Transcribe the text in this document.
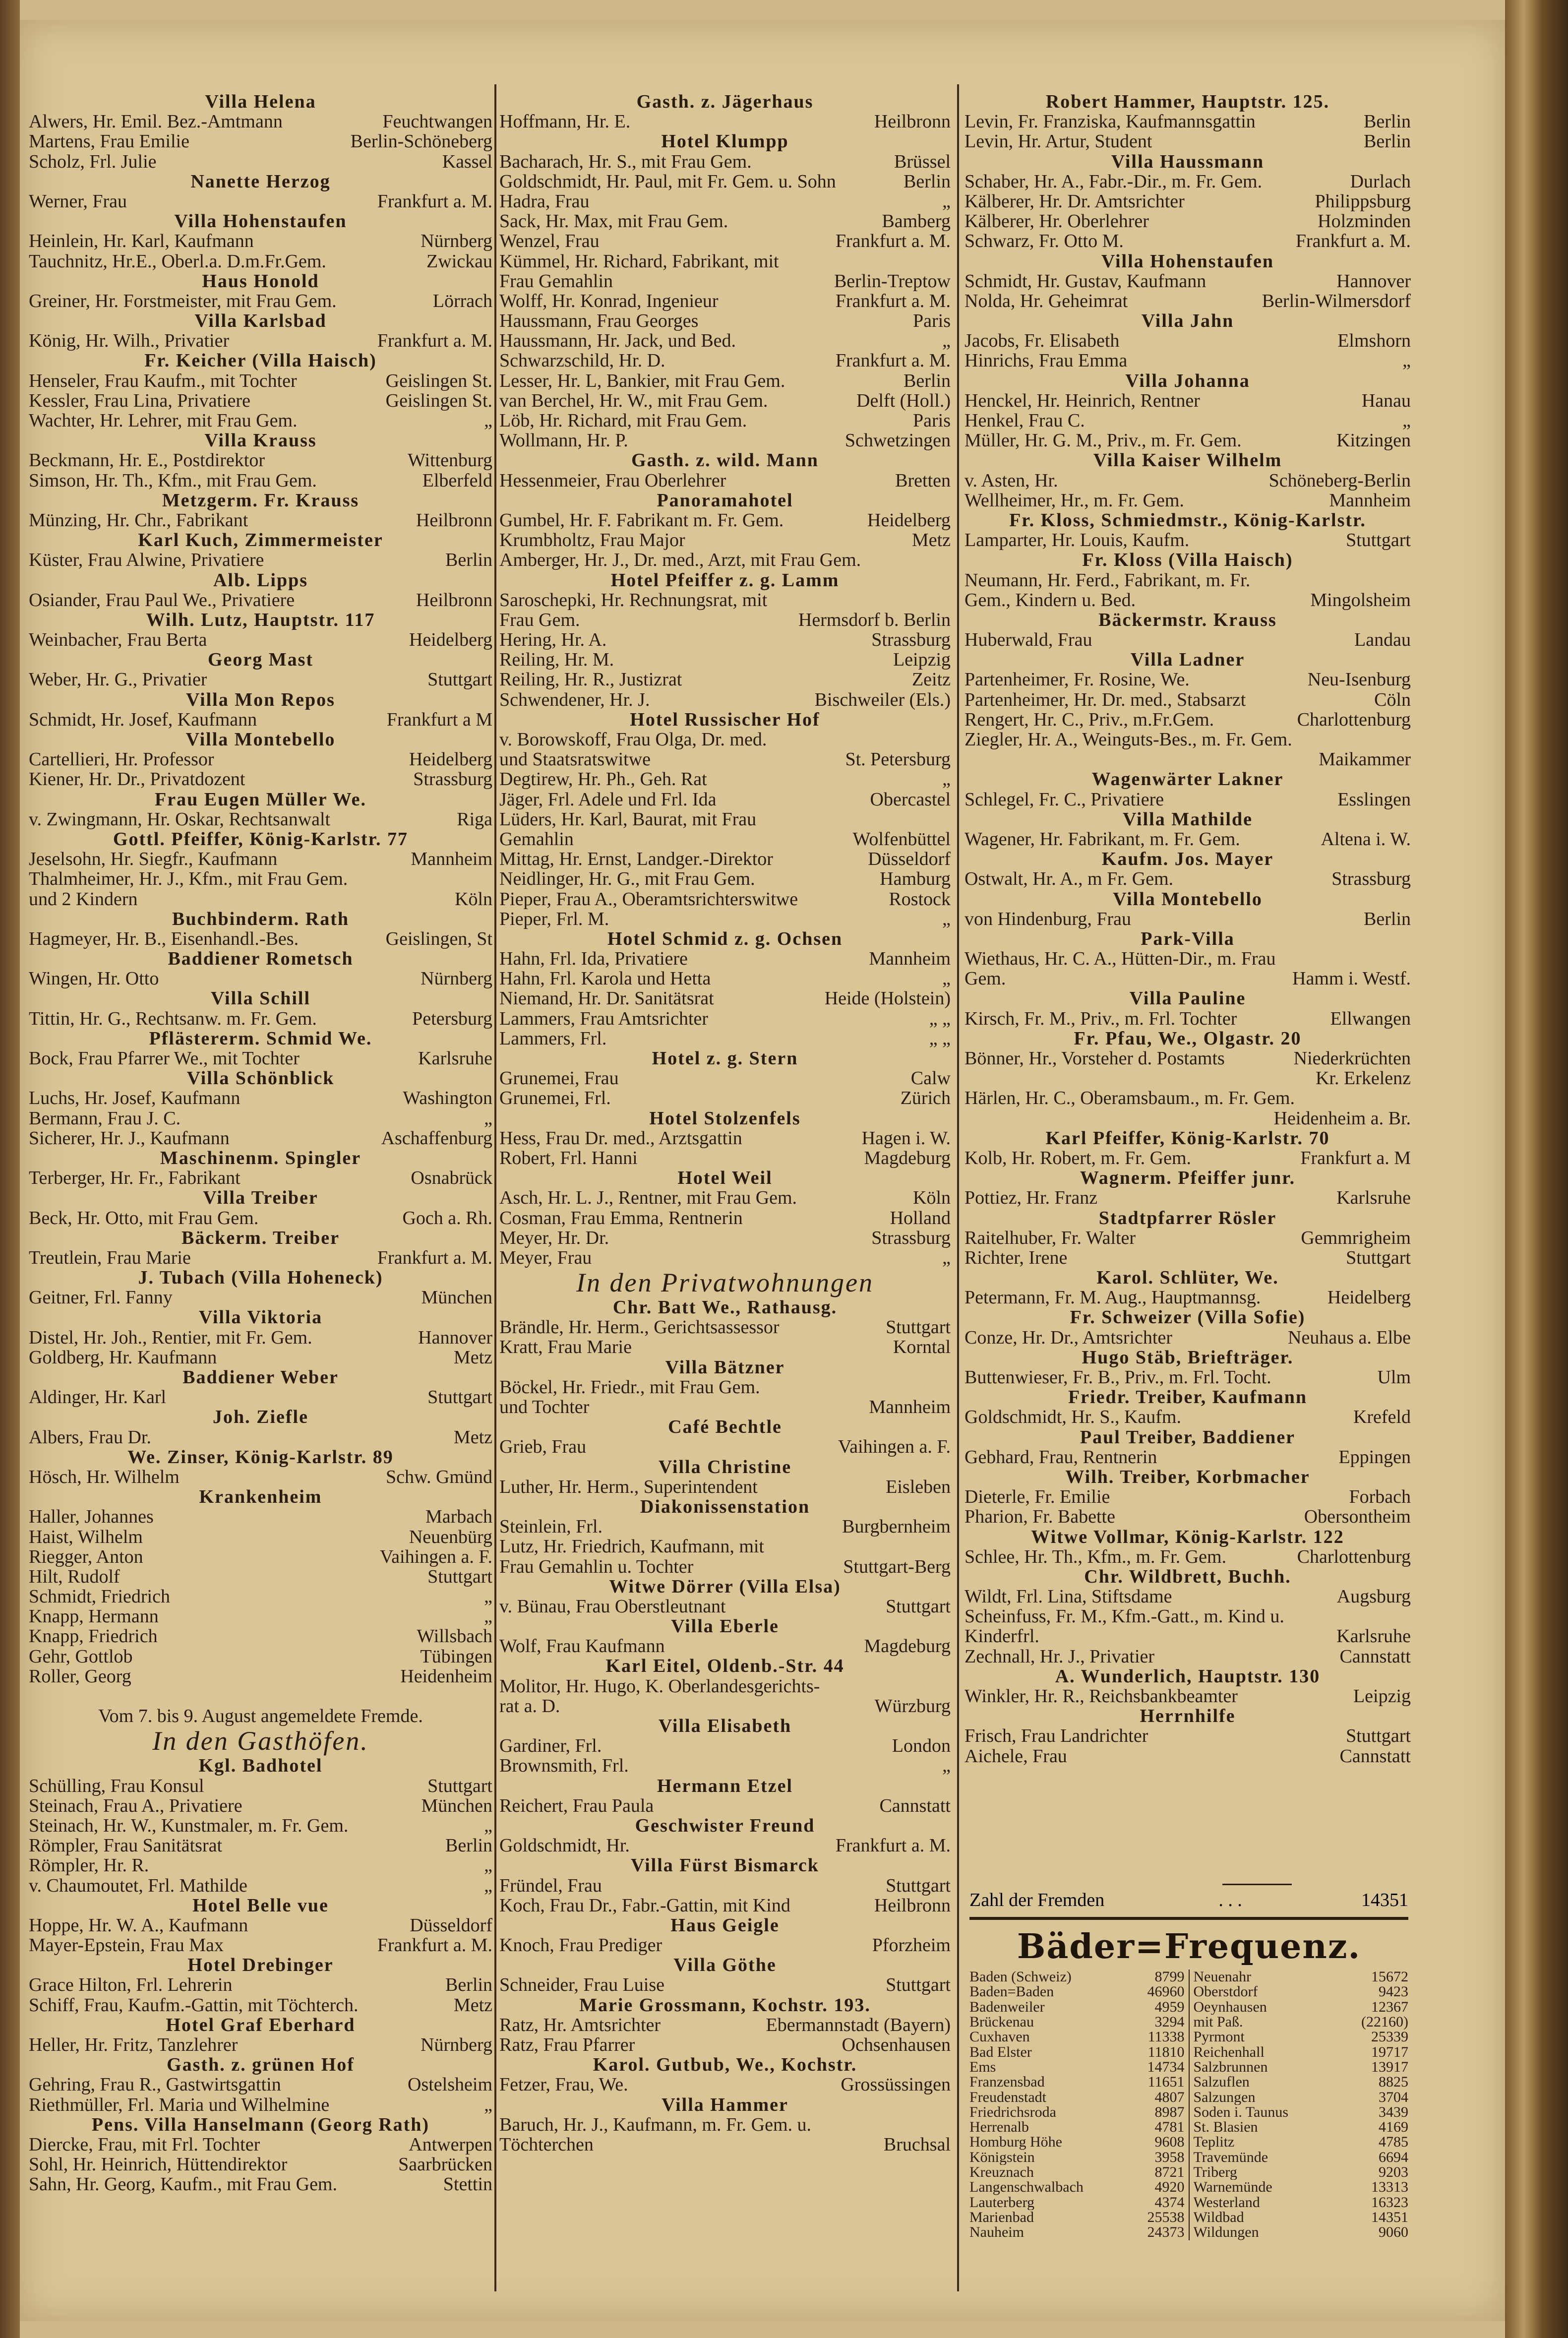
Villa Helena
Alwers, Hr. Emil. Bez.-Amtmann	Feuchtwangen
Martens, Frau Emilie	Berlin-Schöneberg
Scholz, Frl. Julie	Kassel
Nanette Herzog
Werner, Frau	Frankfurt a. M.
Villa Hohenstaufen
Heinlein, Hr. Karl, Kaufmann	Nürnberg
Tauchnitz, Hr.E., Oberl.a. D.m.Fr.Gem.	Zwickau
Haus Honold
Greiner, Hr. Forstmeister, mit Frau Gem.	Lörrach
Villa Karlsbad
König, Hr. Wilh., Privatier	Frankfurt a. M.
Fr. Keicher (Villa Haisch)
Henseler, Frau Kaufm., mit Tochter	Geislingen St.
Kessler, Frau Lina, Privatiere	Geislingen St.
Wachter, Hr. Lehrer, mit Frau Gem.	„
Villa Krauss
Beckmann, Hr. E., Postdirektor	Wittenburg
Simson, Hr. Th., Kfm., mit Frau Gem.	Elberfeld
Metzgerm. Fr. Krauss
Münzing, Hr. Chr., Fabrikant	Heilbronn
Karl Kuch, Zimmermeister
Küster, Frau Alwine, Privatiere	Berlin
Alb. Lipps
Osiander, Frau Paul We., Privatiere	Heilbronn
Wilh. Lutz, Hauptstr. 117
Weinbacher, Frau Berta	Heidelberg
Georg Mast
Weber, Hr. G., Privatier	Stuttgart
Villa Mon Repos
Schmidt, Hr. Josef, Kaufmann	Frankfurt a M
Villa Montebello
Cartellieri, Hr. Professor	Heidelberg
Kiener, Hr. Dr., Privatdozent	Strassburg
Frau Eugen Müller We.
v. Zwingmann, Hr. Oskar, Rechtsanwalt	Riga
Gottl. Pfeiffer, König-Karlstr. 77
Jeselsohn, Hr. Siegfr., Kaufmann	Mannheim
Thalmheimer, Hr. J., Kfm., mit Frau Gem.
und 2 Kindern	Köln
Buchbinderm. Rath
Hagmeyer, Hr. B., Eisenhandl.-Bes.	Geislingen, St
Baddiener Rometsch
Wingen, Hr. Otto	Nürnberg
Villa Schill
Tittin, Hr. G., Rechtsanw. m. Fr. Gem.	Petersburg
Pflästererm. Schmid We.
Bock, Frau Pfarrer We., mit Tochter	Karlsruhe
Villa Schönblick
Luchs, Hr. Josef, Kaufmann	Washington
Bermann, Frau J. C.	„
Sicherer, Hr. J., Kaufmann	Aschaffenburg
Maschinenm. Spingler
Terberger, Hr. Fr., Fabrikant	Osnabrück
Villa Treiber
Beck, Hr. Otto, mit Frau Gem.	Goch a. Rh.
Bäckerm. Treiber
Treutlein, Frau Marie	Frankfurt a. M.
J. Tubach (Villa Hoheneck)
Geitner, Frl. Fanny	München
Villa Viktoria
Distel, Hr. Joh., Rentier, mit Fr. Gem.	Hannover
Goldberg, Hr. Kaufmann	Metz
Baddiener Weber
Aldinger, Hr. Karl	Stuttgart
Joh. Ziefle
Albers, Frau Dr.	Metz
We. Zinser, König-Karlstr. 89
Hösch, Hr. Wilhelm	Schw. Gmünd
Krankenheim
Haller, Johannes	Marbach
Haist, Wilhelm	Neuenbürg
Riegger, Anton	Vaihingen a. F.
Hilt, Rudolf	Stuttgart
Schmidt, Friedrich	„
Knapp, Hermann	„
Knapp, Friedrich	Willsbach
Gehr, Gottlob	Tübingen
Roller, Georg	Heidenheim
Vom 7. bis 9. August angemeldete Fremde.
In den Gasthöfen.
Kgl. Badhotel
Schülling, Frau Konsul	Stuttgart
Steinach, Frau A., Privatiere	München
Steinach, Hr. W., Kunstmaler, m. Fr. Gem.	„
Römpler, Frau Sanitätsrat	Berlin
Römpler, Hr. R.	„
v. Chaumoutet, Frl. Mathilde	„
Hotel Belle vue
Hoppe, Hr. W. A., Kaufmann	Düsseldorf
Mayer-Epstein, Frau Max	Frankfurt a. M.
Hotel Drebinger
Grace Hilton, Frl. Lehrerin	Berlin
Schiff, Frau, Kaufm.-Gattin, mit Töchterch.	Metz
Hotel Graf Eberhard
Heller, Hr. Fritz, Tanzlehrer	Nürnberg
Gasth. z. grünen Hof
Gehring, Frau R., Gastwirtsgattin	Ostelsheim
Riethmüller, Frl. Maria und Wilhelmine	„
Pens. Villa Hanselmann (Georg Rath)
Diercke, Frau, mit Frl. Tochter	Antwerpen
Sohl, Hr. Heinrich, Hüttendirektor	Saarbrücken
Sahn, Hr. Georg, Kaufm., mit Frau Gem.	Stettin
Gasth. z. Jägerhaus
Hoffmann, Hr. E.	Heilbronn
Hotel Klumpp
Bacharach, Hr. S., mit Frau Gem.	Brüssel
Goldschmidt, Hr. Paul, mit Fr. Gem. u. Sohn	Berlin
Hadra, Frau	„
Sack, Hr. Max, mit Frau Gem.	Bamberg
Wenzel, Frau	Frankfurt a. M.
Kümmel, Hr. Richard, Fabrikant, mit
Frau Gemahlin	Berlin-Treptow
Wolff, Hr. Konrad, Ingenieur	Frankfurt a. M.
Haussmann, Frau Georges	Paris
Haussmann, Hr. Jack, und Bed.	„
Schwarzschild, Hr. D.	Frankfurt a. M.
Lesser, Hr. L, Bankier, mit Frau Gem.	Berlin
van Berchel, Hr. W., mit Frau Gem.	Delft (Holl.)
Löb, Hr. Richard, mit Frau Gem.	Paris
Wollmann, Hr. P.	Schwetzingen
Gasth. z. wild. Mann
Hessenmeier, Frau Oberlehrer	Bretten
Panoramahotel
Gumbel, Hr. F. Fabrikant m. Fr. Gem.	Heidelberg
Krumbholtz, Frau Major	Metz
Amberger, Hr. J., Dr. med., Arzt, mit Frau Gem.
Hotel Pfeiffer z. g. Lamm
Saroschepki, Hr. Rechnungsrat, mit
Frau Gem.	Hermsdorf b. Berlin
Hering, Hr. A.	Strassburg
Reiling, Hr. M.	Leipzig
Reiling, Hr. R., Justizrat	Zeitz
Schwendener, Hr. J.	Bischweiler (Els.)
Hotel Russischer Hof
v. Borowskoff, Frau Olga, Dr. med.
und Staatsratswitwe	St. Petersburg
Degtirew, Hr. Ph., Geh. Rat	„
Jäger, Frl. Adele und Frl. Ida	Obercastel
Lüders, Hr. Karl, Baurat, mit Frau
Gemahlin	Wolfenbüttel
Mittag, Hr. Ernst, Landger.-Direktor	Düsseldorf
Neidlinger, Hr. G., mit Frau Gem.	Hamburg
Pieper, Frau A., Oberamtsrichterswitwe	Rostock
Pieper, Frl. M.	„
Hotel Schmid z. g. Ochsen
Hahn, Frl. Ida, Privatiere	Mannheim
Hahn, Frl. Karola und Hetta	„
Niemand, Hr. Dr. Sanitätsrat	Heide (Holstein)
Lammers, Frau Amtsrichter	„ „
Lammers, Frl.	„ „
Hotel z. g. Stern
Grunemei, Frau	Calw
Grunemei, Frl.	Zürich
Hotel Stolzenfels
Hess, Frau Dr. med., Arztsgattin	Hagen i. W.
Robert, Frl. Hanni	Magdeburg
Hotel Weil
Asch, Hr. L. J., Rentner, mit Frau Gem.	Köln
Cosman, Frau Emma, Rentnerin	Holland
Meyer, Hr. Dr.	Strassburg
Meyer, Frau	„
In den Privatwohnungen
Chr. Batt We., Rathausg.
Brändle, Hr. Herm., Gerichtsassessor	Stuttgart
Kratt, Frau Marie	Korntal
Villa Bätzner
Böckel, Hr. Friedr., mit Frau Gem.
und Tochter	Mannheim
Café Bechtle
Grieb, Frau	Vaihingen a. F.
Villa Christine
Luther, Hr. Herm., Superintendent	Eisleben
Diakonissenstation
Steinlein, Frl.	Burgbernheim
Lutz, Hr. Friedrich, Kaufmann, mit
Frau Gemahlin u. Tochter	Stuttgart-Berg
Witwe Dörrer (Villa Elsa)
v. Bünau, Frau Oberstleutnant	Stuttgart
Villa Eberle
Wolf, Frau Kaufmann	Magdeburg
Karl Eitel, Oldenb.-Str. 44
Molitor, Hr. Hugo, K. Oberlandesgerichts-
rat a. D.	Würzburg
Villa Elisabeth
Gardiner, Frl.	London
Brownsmith, Frl.	„
Hermann Etzel
Reichert, Frau Paula	Cannstatt
Geschwister Freund
Goldschmidt, Hr.	Frankfurt a. M.
Villa Fürst Bismarck
Fründel, Frau	Stuttgart
Koch, Frau Dr., Fabr.-Gattin, mit Kind	Heilbronn
Haus Geigle
Knoch, Frau Prediger	Pforzheim
Villa Göthe
Schneider, Frau Luise	Stuttgart
Marie Grossmann, Kochstr. 193.
Ratz, Hr. Amtsrichter	Ebermannstadt (Bayern)
Ratz, Frau Pfarrer	Ochsenhausen
Karol. Gutbub, We., Kochstr.
Fetzer, Frau, We.	Grossüssingen
Villa Hammer
Baruch, Hr. J., Kaufmann, m. Fr. Gem. u.
Töchterchen	Bruchsal
Robert Hammer, Hauptstr. 125.
Levin, Fr. Franziska, Kaufmannsgattin	Berlin
Levin, Hr. Artur, Student	Berlin
Villa Haussmann
Schaber, Hr. A., Fabr.-Dir., m. Fr. Gem.	Durlach
Kälberer, Hr. Dr. Amtsrichter	Philippsburg
Kälberer, Hr. Oberlehrer	Holzminden
Schwarz, Fr. Otto M.	Frankfurt a. M.
Villa Hohenstaufen
Schmidt, Hr. Gustav, Kaufmann	Hannover
Nolda, Hr. Geheimrat	Berlin-Wilmersdorf
Villa Jahn
Jacobs, Fr. Elisabeth	Elmshorn
Hinrichs, Frau Emma	„
Villa Johanna
Henckel, Hr. Heinrich, Rentner	Hanau
Henkel, Frau C.	„
Müller, Hr. G. M., Priv., m. Fr. Gem.	Kitzingen
Villa Kaiser Wilhelm
v. Asten, Hr.	Schöneberg-Berlin
Wellheimer, Hr., m. Fr. Gem.	Mannheim
Fr. Kloss, Schmiedmstr., König-Karlstr.
Lamparter, Hr. Louis, Kaufm.	Stuttgart
Fr. Kloss (Villa Haisch)
Neumann, Hr. Ferd., Fabrikant, m. Fr.
Gem., Kindern u. Bed.	Mingolsheim
Bäckermstr. Krauss
Huberwald, Frau	Landau
Villa Ladner
Partenheimer, Fr. Rosine, We.	Neu-Isenburg
Partenheimer, Hr. Dr. med., Stabsarzt	Cöln
Rengert, Hr. C., Priv., m.Fr.Gem.	Charlottenburg
Ziegler, Hr. A., Weinguts-Bes., m. Fr. Gem.
Maikammer
Wagenwärter Lakner
Schlegel, Fr. C., Privatiere	Esslingen
Villa Mathilde
Wagener, Hr. Fabrikant, m. Fr. Gem.	Altena i. W.
Kaufm. Jos. Mayer
Ostwalt, Hr. A., m Fr. Gem.	Strassburg
Villa Montebello
von Hindenburg, Frau	Berlin
Park-Villa
Wiethaus, Hr. C. A., Hütten-Dir., m. Frau
Gem.	Hamm i. Westf.
Villa Pauline
Kirsch, Fr. M., Priv., m. Frl. Tochter	Ellwangen
Fr. Pfau, We., Olgastr. 20
Bönner, Hr., Vorsteher d. Postamts	Niederkrüchten
Kr. Erkelenz
Härlen, Hr. C., Oberamsbaum., m. Fr. Gem.
Heidenheim a. Br.
Karl Pfeiffer, König-Karlstr. 70
Kolb, Hr. Robert, m. Fr. Gem.	Frankfurt a. M
Wagnerm. Pfeiffer junr.
Pottiez, Hr. Franz	Karlsruhe
Stadtpfarrer Rösler
Raitelhuber, Fr. Walter	Gemmrigheim
Richter, Irene	Stuttgart
Karol. Schlüter, We.
Petermann, Fr. M. Aug., Hauptmannsg.	Heidelberg
Fr. Schweizer (Villa Sofie)
Conze, Hr. Dr., Amtsrichter	Neuhaus a. Elbe
Hugo Stäb, Briefträger.
Buttenwieser, Fr. B., Priv., m. Frl. Tocht.	Ulm
Friedr. Treiber, Kaufmann
Goldschmidt, Hr. S., Kaufm.	Krefeld
Paul Treiber, Baddiener
Gebhard, Frau, Rentnerin	Eppingen
Wilh. Treiber, Korbmacher
Dieterle, Fr. Emilie	Forbach
Pharion, Fr. Babette	Obersontheim
Witwe Vollmar, König-Karlstr. 122
Schlee, Hr. Th., Kfm., m. Fr. Gem.	Charlottenburg
Chr. Wildbrett, Buchh.
Wildt, Frl. Lina, Stiftsdame	Augsburg
Scheinfuss, Fr. M., Kfm.-Gatt., m. Kind u.
Kinderfrl.	Karlsruhe
Zechnall, Hr. J., Privatier	Cannstatt
A. Wunderlich, Hauptstr. 130
Winkler, Hr. R., Reichsbankbeamter	Leipzig
Herrnhilfe
Frisch, Frau Landrichter	Stuttgart
Aichele, Frau	Cannstatt
Zahl der Fremden	. . .	14351
Bäder=Frequenz.
Baden (Schweiz)	8799
Baden=Baden	46960
Badenweiler	4959
Brückenau	3294
Cuxhaven	11338
Bad Elster	11810
Ems	14734
Franzensbad	11651
Freudenstadt	4807
Friedrichsroda	8987
Herrenalb	4781
Homburg Höhe	9608
Königstein	3958
Kreuznach	8721
Langenschwalbach	4920
Lauterberg	4374
Marienbad	25538
Nauheim	24373
Neuenahr	15672
Oberstdorf	9423
Oeynhausen	12367
mit Paß.	(22160)
Pyrmont	25339
Reichenhall	19717
Salzbrunnen	13917
Salzuflen	8825
Salzungen	3704
Soden i. Taunus	3439
St. Blasien	4169
Teplitz	4785
Travemünde	6694
Triberg	9203
Warnemünde	13313
Westerland	16323
Wildbad	14351
Wildungen	9060
